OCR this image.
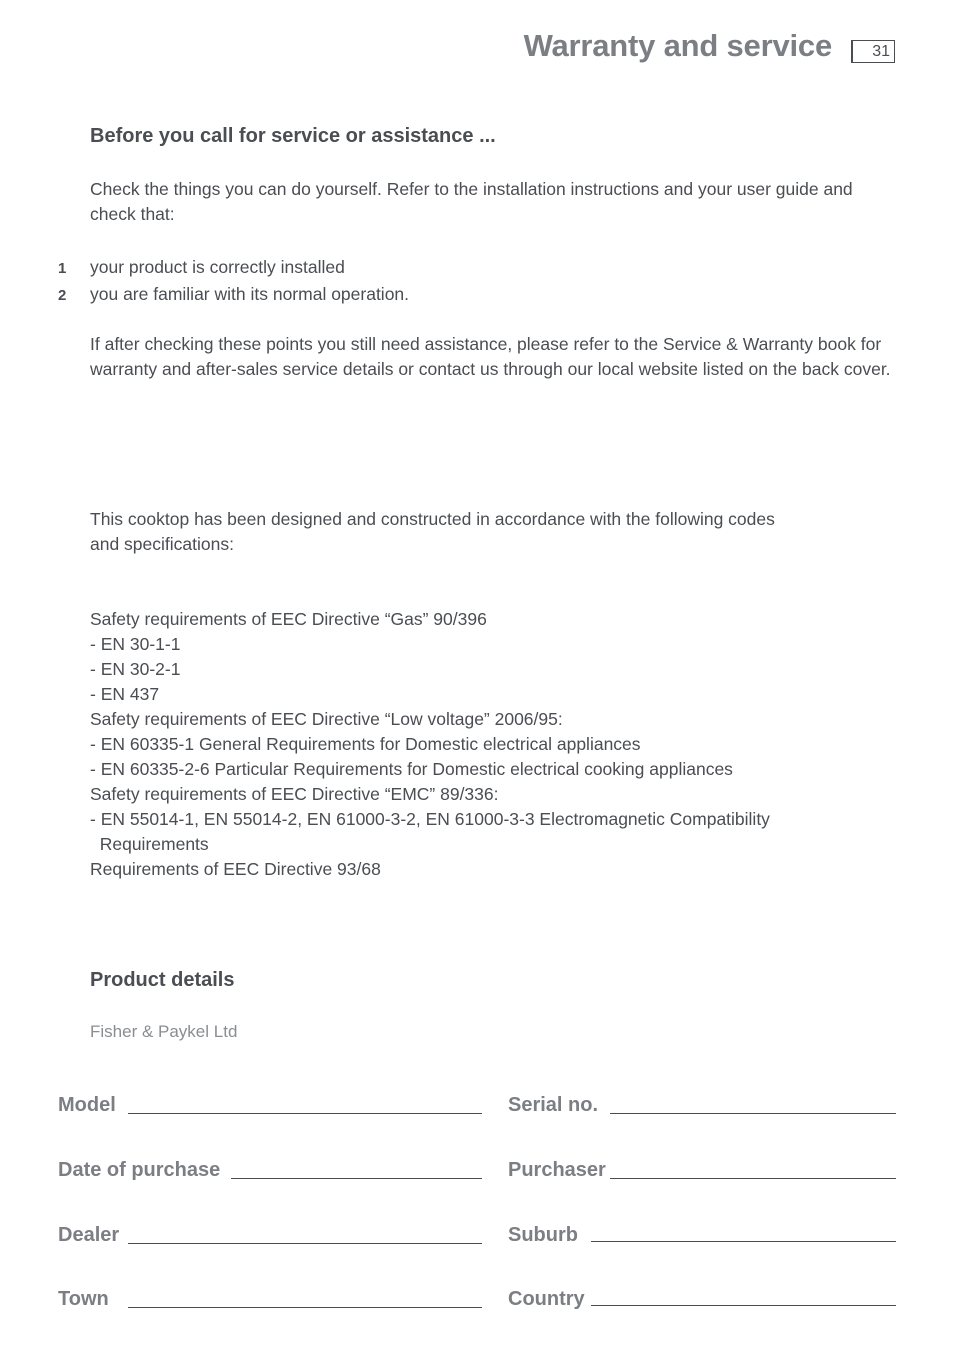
Warranty and service	31
Before you call for service or assistance ...
Check the things you can do yourself. Refer to the installation instructions and your user guide and check that:
1 your product is correctly installed
2 you are familiar with its normal operation.
If after checking these points you still need assistance, please refer to the Service & Warranty book for warranty and after-sales service details or contact us through our local website listed on the back cover.
This cooktop has been designed and constructed in accordance with the following codes and specifications:
Safety requirements of EEC Directive “Gas” 90/396
- EN 30-1-1
- EN 30-2-1
- EN 437
Safety requirements of EEC Directive “Low voltage” 2006/95:
- EN 60335-1 General Requirements for Domestic electrical appliances
- EN 60335-2-6 Particular Requirements for Domestic electrical cooking appliances
Safety requirements of EEC Directive “EMC” 89/336:
- EN 55014-1, EN 55014-2, EN 61000-3-2, EN 61000-3-3 Electromagnetic Compatibility
Requirements
Requirements of EEC Directive 93/68
Product details
Fisher & Paykel Ltd
Model	Serial no.
Date of purchase	Purchaser
Dealer	Suburb
Town	Country
